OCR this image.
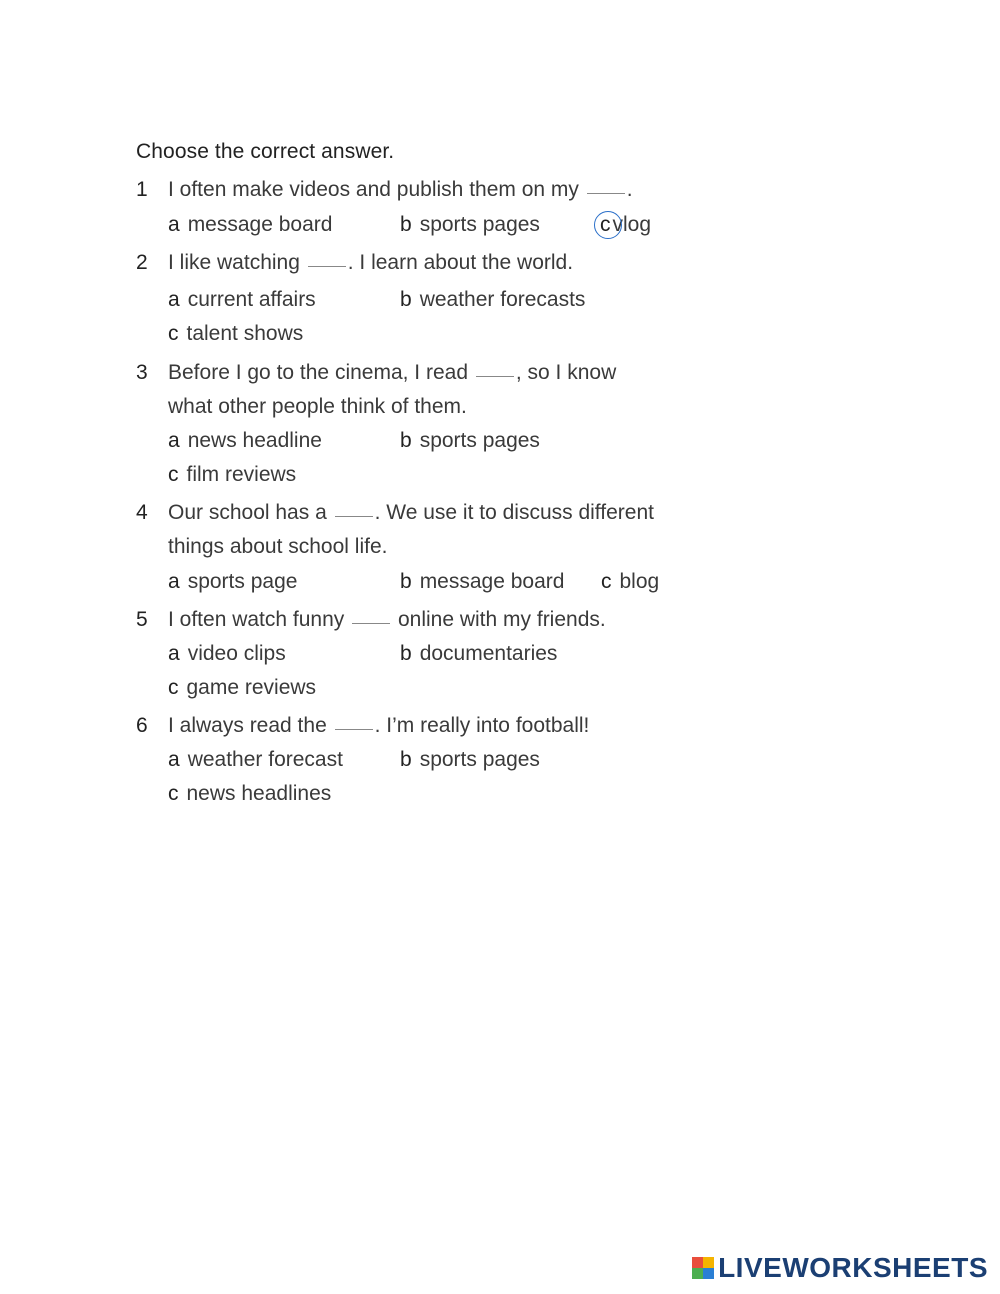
Choose the correct answer.
1 I often make videos and publish them on my .
a message board	b sports pages	cvlog
2 I like watching . I learn about the world.
a current affairs	b weather forecasts
c talent shows
3 Before I go to the cinema, I read , so I know
what other people think of them.
a news headline	b sports pages
c film reviews
4 Our school has a . We use it to discuss different
things about school life.
a sports page	b message board c blog
5 I often watch funny	online with my friends.
a video clips	b documentaries
c game reviews
6 I always read the . I’m really into football!
a weather forecast	b sports pages
c news headlines
LIVEWORKSHEETS
